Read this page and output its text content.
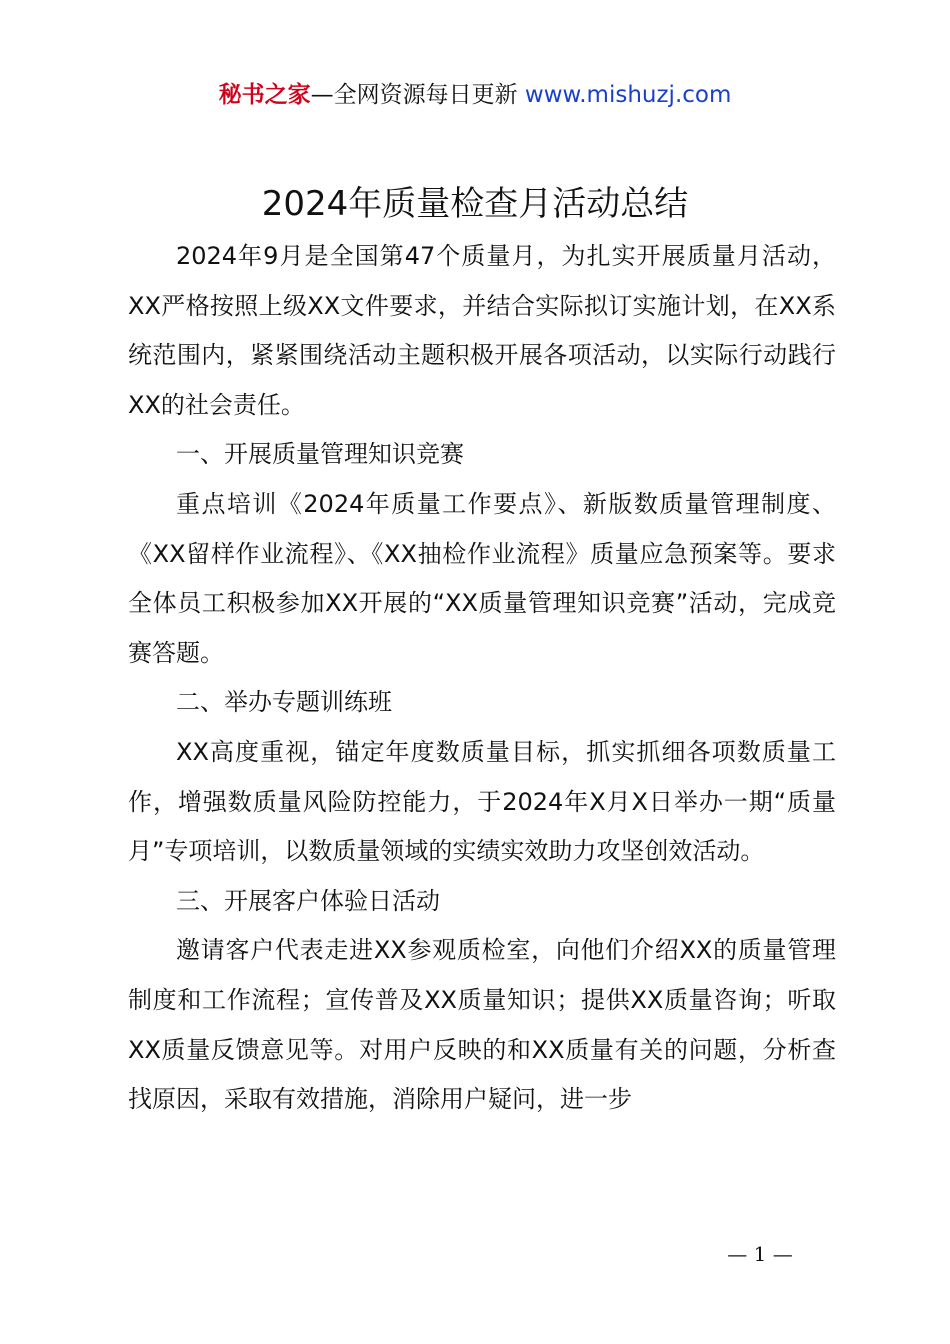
秘书之家—全网资源每日更新 www.mishuzj.com
2024年质量检查月活动总结

2024年9月是全国第47个质量月，为扎实开展质量月活动，XX严格按照上级XX文件要求，并结合实际拟订实施计划，在XX系统范围内，紧紧围绕活动主题积极开展各项活动，以实际行动践行XX的社会责任。

一、开展质量管理知识竞赛

重点培训《2024年质量工作要点》、新版数质量管理制度、《XX留样作业流程》、《XX抽检作业流程》质量应急预案等。要求全体员工积极参加XX开展的“XX质量管理知识竞赛”活动，完成竞赛答题。

二、举办专题训练班

XX高度重视，锚定年度数质量目标，抓实抓细各项数质量工作，增强数质量风险防控能力，于2024年X月X日举办一期“质量月”专项培训，以数质量领域的实绩实效助力攻坚创效活动。

三、开展客户体验日活动

邀请客户代表走进XX参观质检室，向他们介绍XX的质量管理制度和工作流程；宣传普及XX质量知识；提供XX质量咨询；听取XX质量反馈意见等。对用户反映的和XX质量有关的问题，分析查找原因，采取有效措施，消除用户疑问，进一步

— 1 —
